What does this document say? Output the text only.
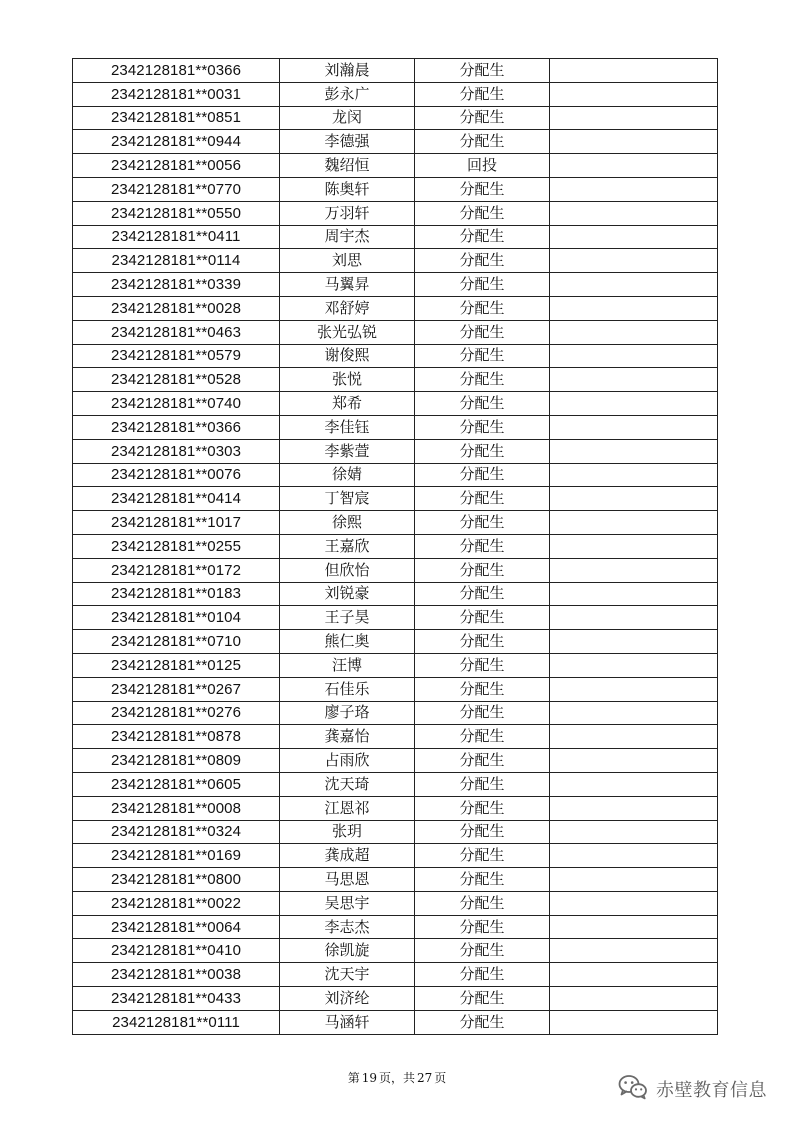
2342128181**0366	刘瀚晨	分配生	
2342128181**0031	彭永广	分配生	
2342128181**0851	龙闵	分配生	
2342128181**0944	李德强	分配生	
2342128181**0056	魏绍恒	回投	
2342128181**0770	陈奥轩	分配生	
2342128181**0550	万羽轩	分配生	
2342128181**0411	周宇杰	分配生	
2342128181**0114	刘思	分配生	
2342128181**0339	马翼昇	分配生	
2342128181**0028	邓舒婷	分配生	
2342128181**0463	张光弘锐	分配生	
2342128181**0579	谢俊熙	分配生	
2342128181**0528	张悦	分配生	
2342128181**0740	郑希	分配生	
2342128181**0366	李佳钰	分配生	
2342128181**0303	李紫萱	分配生	
2342128181**0076	徐婧	分配生	
2342128181**0414	丁智宸	分配生	
2342128181**1017	徐熙	分配生	
2342128181**0255	王嘉欣	分配生	
2342128181**0172	但欣怡	分配生	
2342128181**0183	刘锐豪	分配生	
2342128181**0104	王子昊	分配生	
2342128181**0710	熊仁奥	分配生	
2342128181**0125	汪博	分配生	
2342128181**0267	石佳乐	分配生	
2342128181**0276	廖子珞	分配生	
2342128181**0878	龚嘉怡	分配生	
2342128181**0809	占雨欣	分配生	
2342128181**0605	沈天琦	分配生	
2342128181**0008	江恩祁	分配生	
2342128181**0324	张玥	分配生	
2342128181**0169	龚成超	分配生	
2342128181**0800	马思恩	分配生	
2342128181**0022	吴思宇	分配生	
2342128181**0064	李志杰	分配生	
2342128181**0410	徐凯旋	分配生	
2342128181**0038	沈天宇	分配生	
2342128181**0433	刘济纶	分配生	
2342128181**0111	马涵轩	分配生	
第 19 页，共 27 页
赤壁教育信息
